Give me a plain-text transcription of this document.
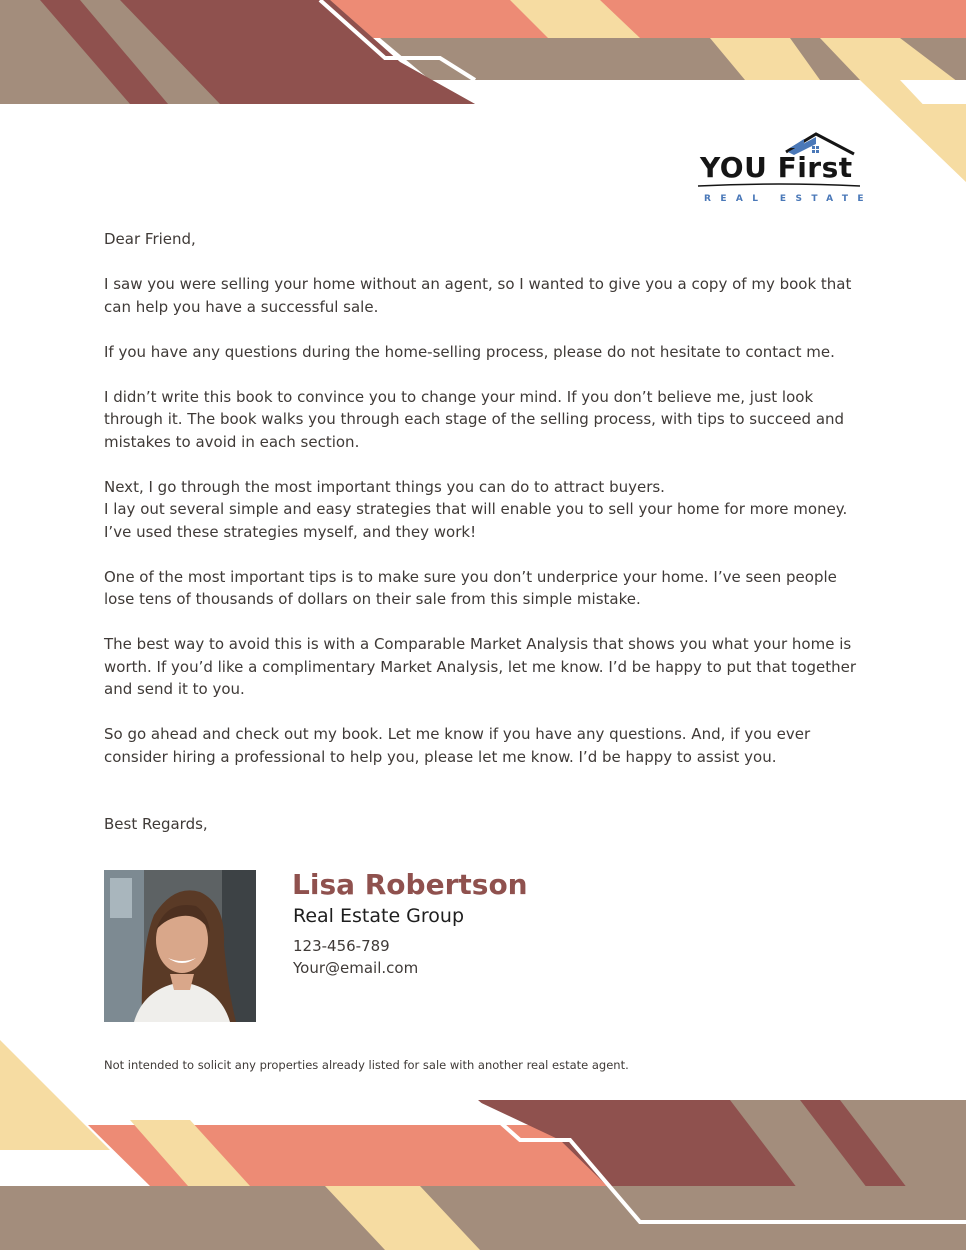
YOU First
REAL ESTATE

Dear Friend,

I saw you were selling your home without an agent, so I wanted to give you a copy of my book that can help you have a successful sale.

If you have any questions during the home-selling process, please do not hesitate to contact me.

I didn’t write this book to convince you to change your mind. If you don’t believe me, just look through it. The book walks you through each stage of the selling process, with tips to succeed and mistakes to avoid in each section.

Next, I go through the most important things you can do to attract buyers.
I lay out several simple and easy strategies that will enable you to sell your home for more money. I’ve used these strategies myself, and they work!

One of the most important tips is to make sure you don’t underprice your home. I’ve seen people lose tens of thousands of dollars on their sale from this simple mistake.

The best way to avoid this is with a Comparable Market Analysis that shows you what your home is worth. If you’d like a complimentary Market Analysis, let me know. I’d be happy to put that together and send it to you.

So go ahead and check out my book. Let me know if you have any questions. And, if you ever consider hiring a professional to help you, please let me know. I’d be happy to assist you.

Best Regards,
Lisa Robertson
Real Estate Group
123-456-789
Your@email.com
Not intended to solicit any properties already listed for sale with another real estate agent.
